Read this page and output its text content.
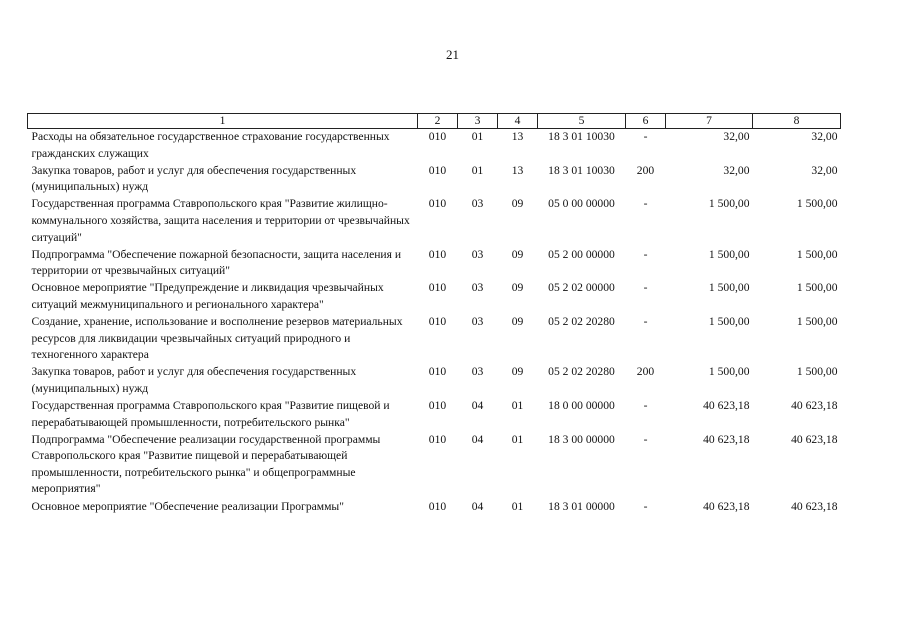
21
1	2	3	4	5	6	7	8
Расходы на обязательное государственное страхование государственных гражданских служащих	010	01	13	18 3 01 10030	-	32,00	32,00
Закупка товаров, работ и услуг для обеспечения государственных (муниципальных) нужд	010	01	13	18 3 01 10030	200	32,00	32,00
Государственная программа Ставропольского края "Развитие жилищно-коммунального хозяйства, защита населения и территории от чрезвычайных ситуаций"	010	03	09	05 0 00 00000	-	1 500,00	1 500,00
Подпрограмма "Обеспечение пожарной безопасности, защита населения и территории от чрезвычайных ситуаций"	010	03	09	05 2 00 00000	-	1 500,00	1 500,00
Основное мероприятие "Предупреждение и ликвидация чрезвычайных ситуаций межмуниципального и регионального характера"	010	03	09	05 2 02 00000	-	1 500,00	1 500,00
Создание, хранение, использование и восполнение резервов материальных ресурсов для ликвидации чрезвычайных ситуаций природного и техногенного характера	010	03	09	05 2 02 20280	-	1 500,00	1 500,00
Закупка товаров, работ и услуг для обеспечения государственных (муниципальных) нужд	010	03	09	05 2 02 20280	200	1 500,00	1 500,00
Государственная программа Ставропольского края "Развитие пищевой и перерабатывающей промышленности, потребительского рынка"	010	04	01	18 0 00 00000	-	40 623,18	40 623,18
Подпрограмма "Обеспечение реализации государственной программы Ставропольского края "Развитие пищевой и перерабатывающей промышленности, потребительского рынка" и общепрограммные мероприятия"	010	04	01	18 3 00 00000	-	40 623,18	40 623,18
Основное мероприятие "Обеспечение реализации Программы"	010	04	01	18 3 01 00000	-	40 623,18	40 623,18
